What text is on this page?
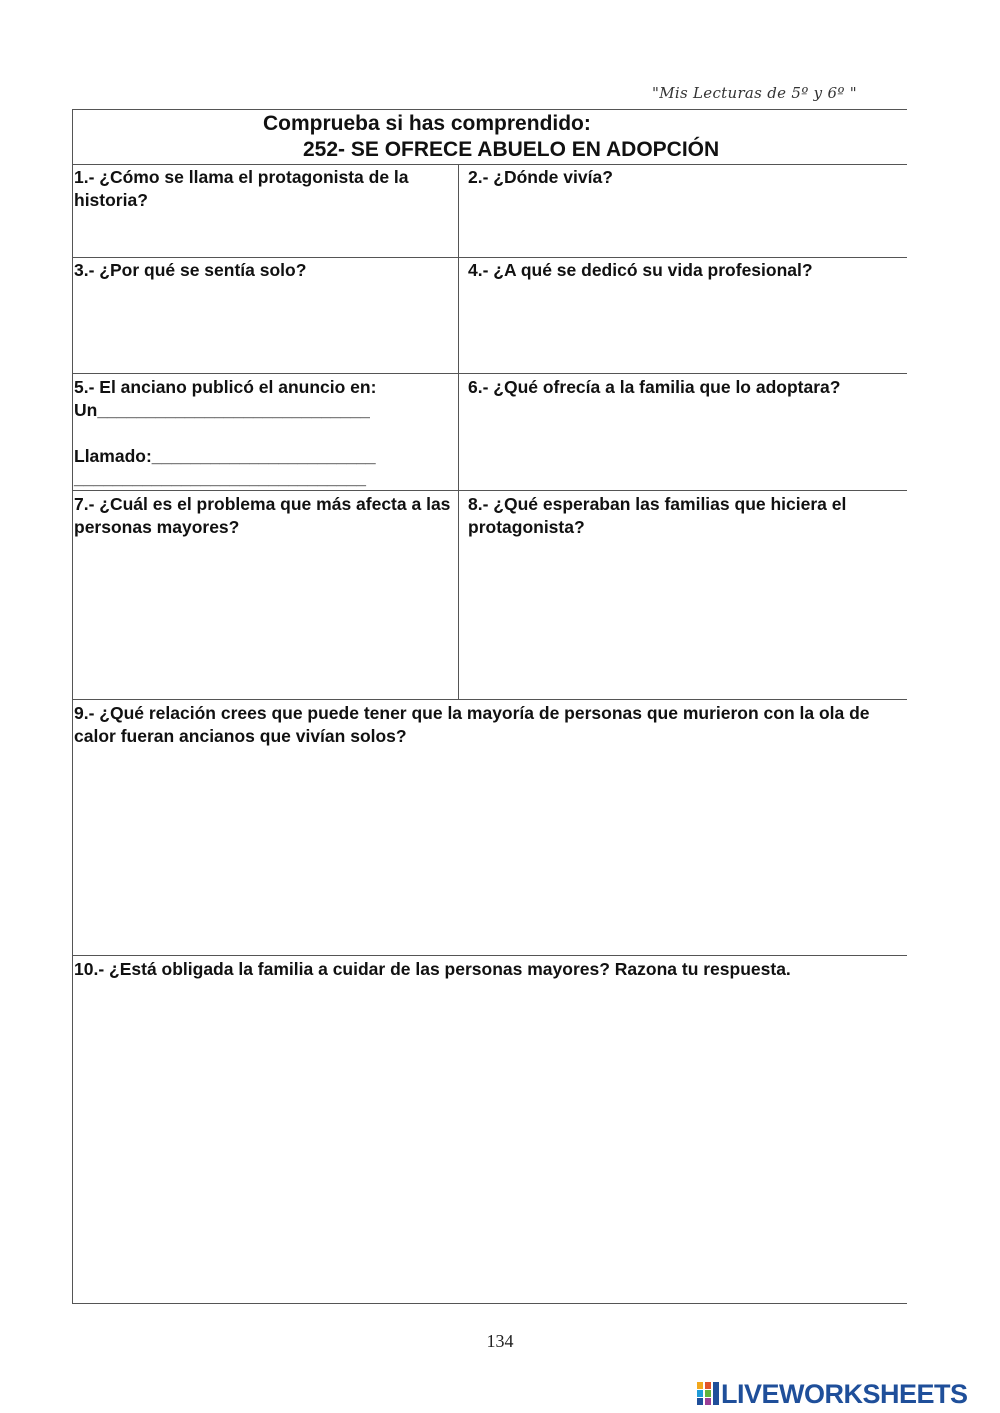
"Mis Lecturas de 5º y 6º "
Comprueba si has comprendido:
252- SE OFRECE ABUELO EN ADOPCIÓN

1.- ¿Cómo se llama el protagonista de la historia?

2.- ¿Dónde vivía?

3.- ¿Por qué se sentía solo?	4.- ¿A qué se dedicó su vida profesional?

5.- El anciano publicó el anuncio en:

Un____________________________

Llamado:_______________________

______________________________

6.- ¿Qué ofrecía a la familia que lo adoptara?

7.- ¿Cuál es el problema que más afecta a las personas mayores?

8.- ¿Qué esperaban las familias que hiciera el protagonista?

9.- ¿Qué relación crees que puede tener que la mayoría de personas que murieron con la ola de calor fueran ancianos que vivían solos?

10.- ¿Está obligada la familia a cuidar de las personas mayores? Razona tu respuesta.

134
LIVEWORKSHEETS
